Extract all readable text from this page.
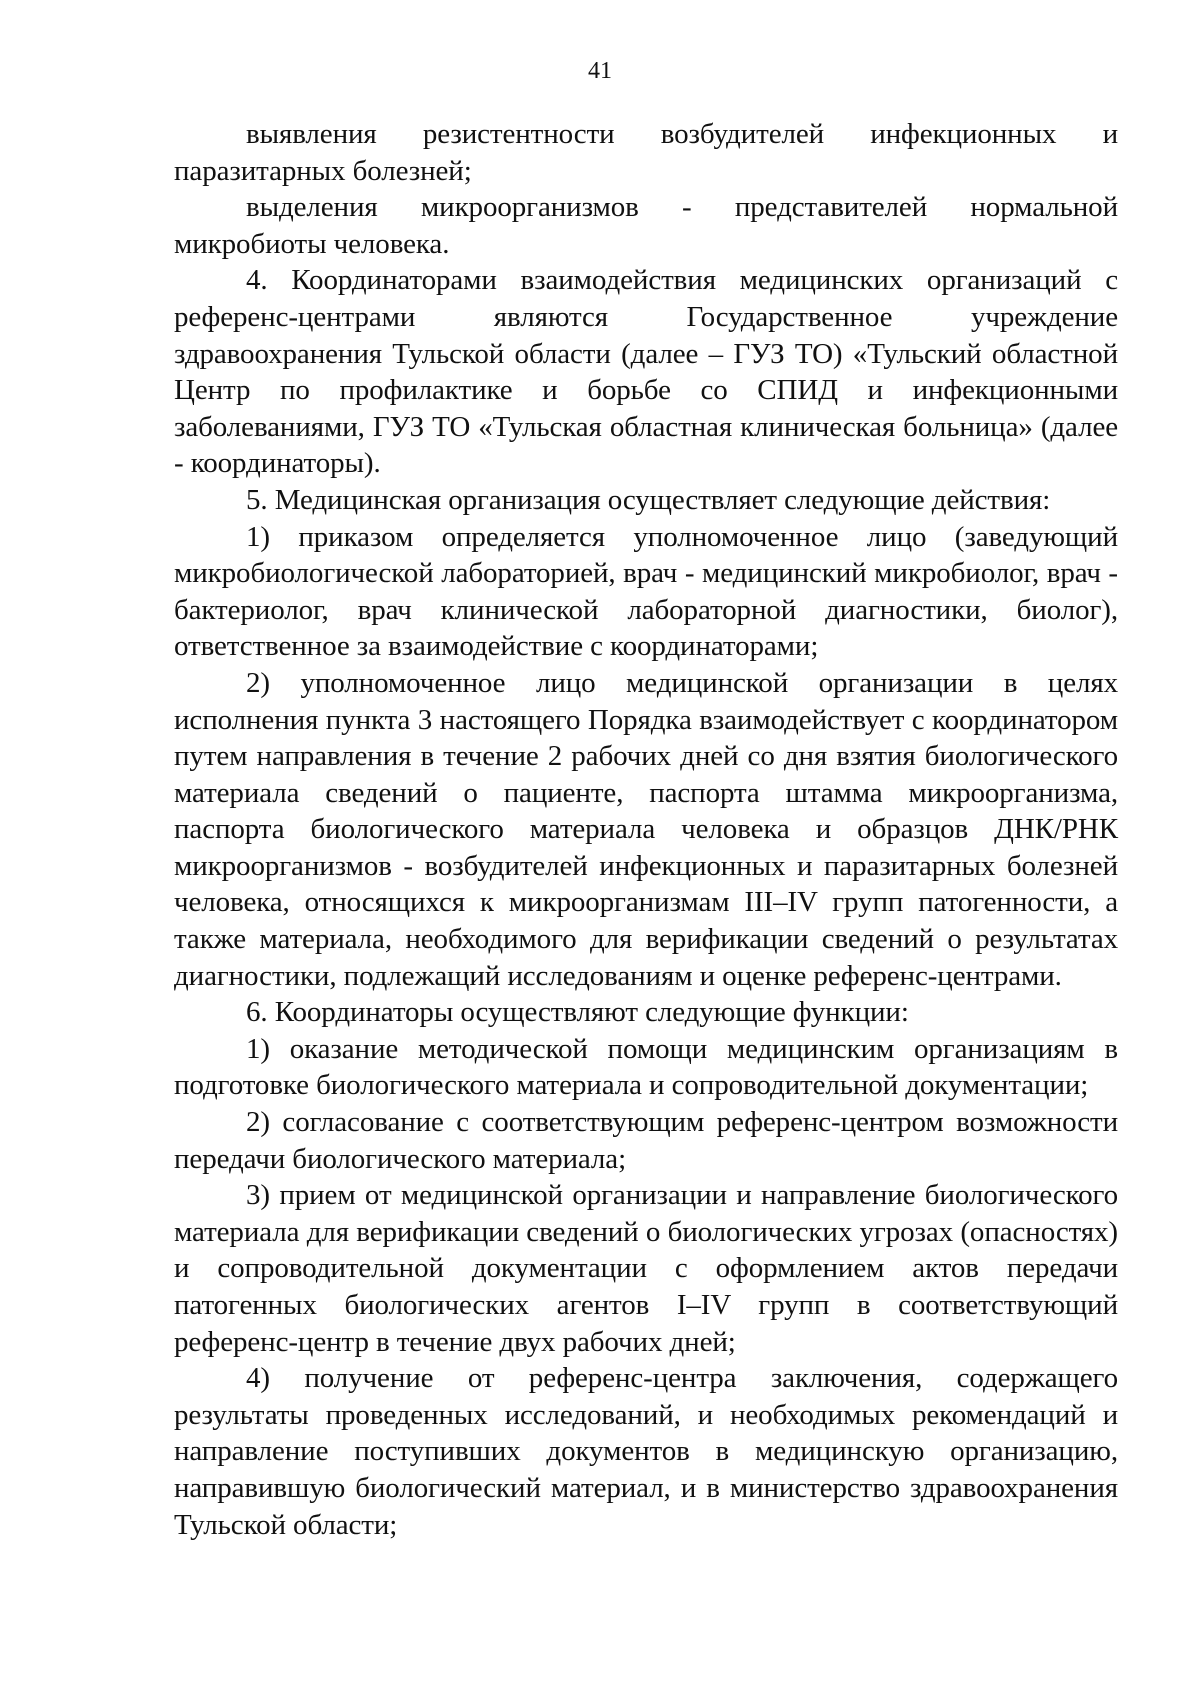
41

выявления резистентности возбудителей инфекционных и паразитарных болезней;

выделения микроорганизмов - представителей нормальной микробиоты человека.

4. Координаторами взаимодействия медицинских организаций с референс-центрами являются Государственное учреждение здравоохранения Тульской области (далее – ГУЗ ТО) «Тульский областной Центр по профилактике и борьбе со СПИД и инфекционными заболеваниями, ГУЗ ТО «Тульская областная клиническая больница» (далее - координаторы).

5. Медицинская организация осуществляет следующие действия:

1) приказом определяется уполномоченное лицо (заведующий микробиологической лабораторией, врач - медицинский микробиолог, врач - бактериолог, врач клинической лабораторной диагностики, биолог), ответственное за взаимодействие с координаторами;

2) уполномоченное лицо медицинской организации в целях исполнения пункта 3 настоящего Порядка взаимодействует с координатором путем направления в течение 2 рабочих дней со дня взятия биологического материала сведений о пациенте, паспорта штамма микроорганизма, паспорта биологического материала человека и образцов ДНК/РНК микроорганизмов - возбудителей инфекционных и паразитарных болезней человека, относящихся к микроорганизмам III–IV групп патогенности, а также материала, необходимого для верификации сведений о результатах диагностики, подлежащий исследованиям и оценке референс-центрами.

6. Координаторы осуществляют следующие функции:

1) оказание методической помощи медицинским организациям в подготовке биологического материала и сопроводительной документации;

2) согласование с соответствующим референс-центром возможности передачи биологического материала;

3) прием от медицинской организации и направление биологического материала для верификации сведений о биологических угрозах (опасностях) и сопроводительной документации с оформлением актов передачи патогенных биологических агентов I–IV групп в соответствующий референс-центр в течение двух рабочих дней;

4) получение от референс-центра заключения, содержащего результаты проведенных исследований, и необходимых рекомендаций и направление поступивших документов в медицинскую организацию, направившую биологический материал, и в министерство здравоохранения Тульской области;
